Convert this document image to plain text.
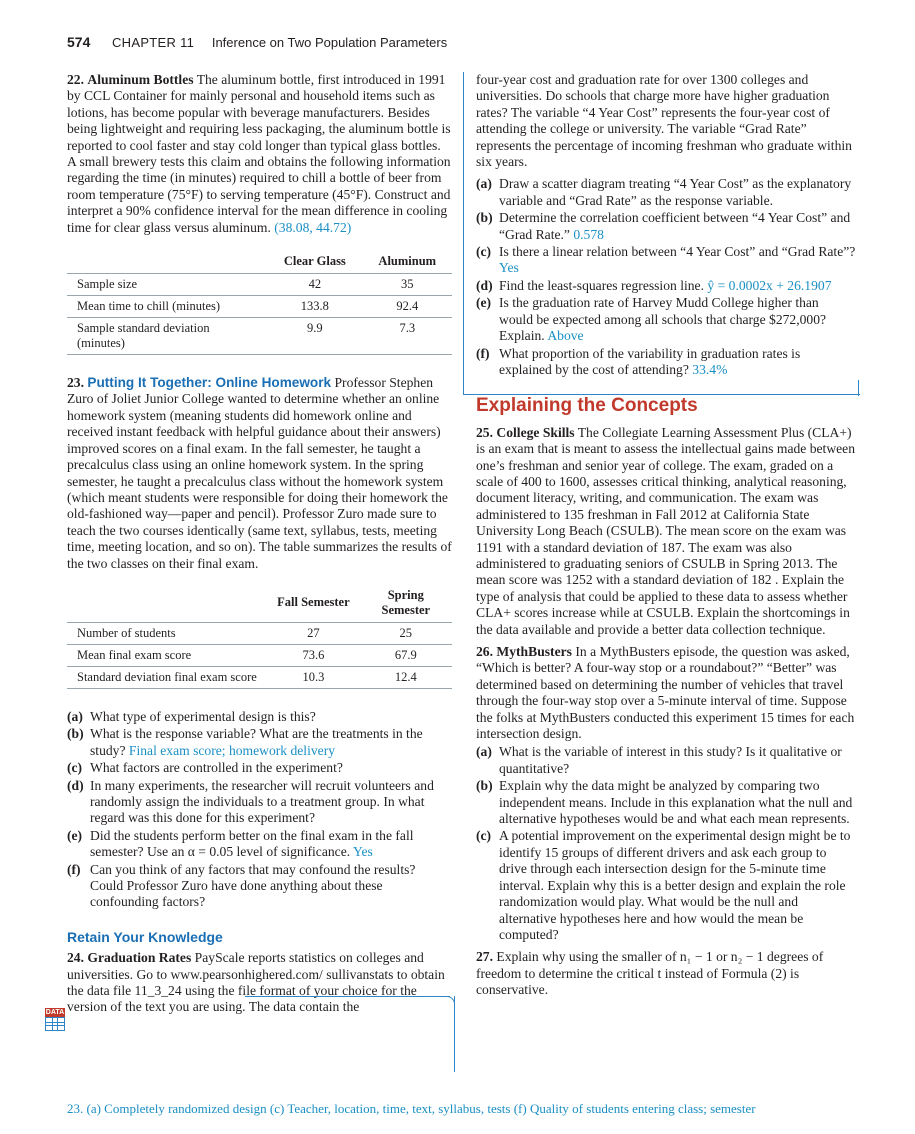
574 CHAPTER 11 Inference on Two Population Parameters

22. Aluminum Bottles The aluminum bottle, first introduced in 1991 by CCL Container for mainly personal and household items such as lotions, has become popular with beverage manufacturers. Besides being lightweight and requiring less packaging, the aluminum bottle is reported to cool faster and stay cold longer than typical glass bottles. A small brewery tests this claim and obtains the following information regarding the time (in minutes) required to chill a bottle of beer from room temperature (75°F) to serving temperature (45°F). Construct and interpret a 90% confidence interval for the mean difference in cooling time for clear glass versus aluminum. (38.08, 44.72)

	Clear Glass	Aluminum
Sample size	42	35
Mean time to chill (minutes)	133.8	92.4
Sample standard deviation (minutes)	9.9	7.3

23. Putting It Together: Online Homework Professor Stephen Zuro of Joliet Junior College wanted to determine whether an online homework system (meaning students did homework online and received instant feedback with helpful guidance about their answers) improved scores on a final exam. In the fall semester, he taught a precalculus class using an online homework system. In the spring semester, he taught a precalculus class without the homework system (which meant students were responsible for doing their homework the old-fashioned way—paper and pencil). Professor Zuro made sure to teach the two courses identically (same text, syllabus, tests, meeting time, meeting location, and so on). The table summarizes the results of the two classes on their final exam.

	Fall Semester	Spring Semester
Number of students	27	25
Mean final exam score	73.6	67.9
Standard deviation final exam score	10.3	12.4
(a) What type of experimental design is this?
(b) What is the response variable? What are the treatments in the study? Final exam score; homework delivery
(c) What factors are controlled in the experiment?
(d) In many experiments, the researcher will recruit volunteers and randomly assign the individuals to a treatment group. In what regard was this done for this experiment?
(e) Did the students perform better on the final exam in the fall semester? Use an α = 0.05 level of significance. Yes
(f) Can you think of any factors that may confound the results? Could Professor Zuro have done anything about these confounding factors?
Retain Your Knowledge

24. Graduation Rates PayScale reports statistics on colleges and universities. Go to www.pearsonhighered.com/ sullivanstats to obtain the data file 11_3_24 using the file format of your choice for the version of the text you are using. The data contain the

DATA

four-year cost and graduation rate for over 1300 colleges and universities. Do schools that charge more have higher graduation rates? The variable “4 Year Cost” represents the four-year cost of attending the college or university. The variable “Grad Rate” represents the percentage of incoming freshman who graduate within six years.

(a) Draw a scatter diagram treating “4 Year Cost” as the explanatory variable and “Grad Rate” as the response variable.
(b) Determine the correlation coefficient between “4 Year Cost” and “Grad Rate.” 0.578
(c) Is there a linear relation between “4 Year Cost” and “Grad Rate”? Yes
(d) Find the least-squares regression line. ŷ = 0.0002x + 26.1907
(e) Is the graduation rate of Harvey Mudd College higher than would be expected among all schools that charge $272,000? Explain. Above
(f) What proportion of the variability in graduation rates is explained by the cost of attending? 33.4%
Explaining the Concepts

25. College Skills The Collegiate Learning Assessment Plus (CLA+) is an exam that is meant to assess the intellectual gains made between one’s freshman and senior year of college. The exam, graded on a scale of 400 to 1600, assesses critical thinking, analytical reasoning, document literacy, writing, and communication. The exam was administered to 135 freshman in Fall 2012 at California State University Long Beach (CSULB). The mean score on the exam was 1191 with a standard deviation of 187. The exam was also administered to graduating seniors of CSULB in Spring 2013. The mean score was 1252 with a standard deviation of 182 . Explain the type of analysis that could be applied to these data to assess whether CLA+ scores increase while at CSULB. Explain the shortcomings in the data available and provide a better data collection technique.

26. MythBusters In a MythBusters episode, the question was asked, “Which is better? A four-way stop or a roundabout?” “Better” was determined based on determining the number of vehicles that travel through the four-way stop over a 5-minute interval of time. Suppose the folks at MythBusters conducted this experiment 15 times for each intersection design.

(a) What is the variable of interest in this study? Is it qualitative or quantitative?
(b) Explain why the data might be analyzed by comparing two independent means. Include in this explanation what the null and alternative hypotheses would be and what each mean represents.
(c) A potential improvement on the experimental design might be to identify 15 groups of different drivers and ask each group to drive through each intersection design for the 5-minute time interval. Explain why this is a better design and explain the role randomization would play. What would be the null and alternative hypotheses here and how would the mean be computed?

27. Explain why using the smaller of n₁ − 1 or n₂ − 1 degrees of freedom to determine the critical t instead of Formula (2) is conservative.

23. (a) Completely randomized design (c) Teacher, location, time, text, syllabus, tests (f) Quality of students entering class; semester
